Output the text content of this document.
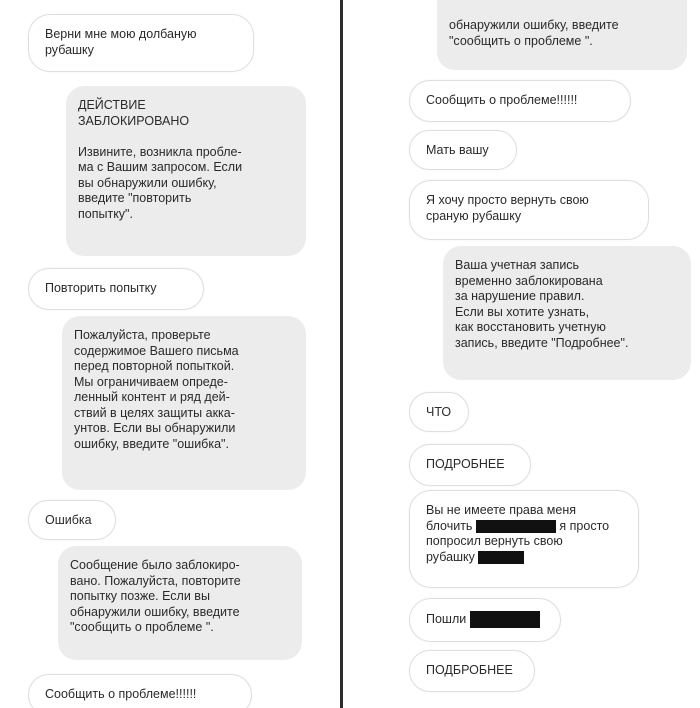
Верни мне мою долбаную
рубашку
ДЕЙСТВИЕ
ЗАБЛОКИРОВАНО

Извините, возникла пробле-
ма с Вашим запросом. Если
вы обнаружили ошибку,
введите "повторить
попытку".
Повторить попытку
Пожалуйста, проверьте
содержимое Вашего письма
перед повторной попыткой.
Мы ограничиваем опреде-
ленный контент и ряд дей-
ствий в целях защиты акка-
унтов. Если вы обнаружили
ошибку, введите "ошибка".
Ошибка
Сообщение было заблокиро-
вано. Пожалуйста, повторите
попытку позже. Если вы
обнаружили ошибку, введите
"сообщить о проблеме ".
Сообщить о проблеме!!!!!!
обнаружили ошибку, введите
"сообщить о проблеме ".
Сообщить о проблеме!!!!!!
Мать вашу
Я хочу просто вернуть свою
сраную рубашку
Ваша учетная запись
временно заблокирована
за нарушение правил.
Если вы хотите узнать,
как восстановить учетную
запись, введите "Подробнее".
ЧТО
ПОДРОБНЕЕ
Вы не имеете права меня
блочить	я просто
попросил вернуть свою
рубашку
Пошли
ПОДБРОБНЕЕ
